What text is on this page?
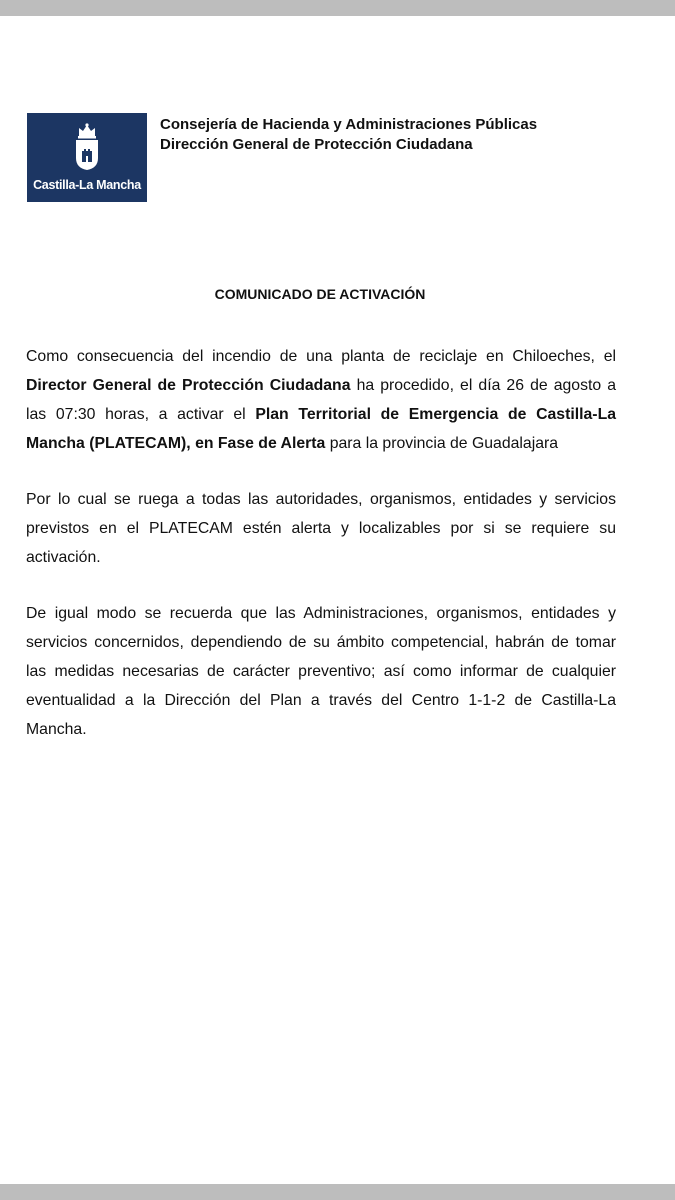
Castilla-La Mancha
Consejería de Hacienda y Administraciones Públicas
Dirección General de Protección Ciudadana
COMUNICADO DE ACTIVACIÓN
Como consecuencia del incendio de una planta de reciclaje en Chiloeches, el Director General de Protección Ciudadana ha procedido, el día 26 de agosto a las 07:30 horas, a activar el Plan Territorial de Emergencia de Castilla-La Mancha (PLATECAM), en Fase de Alerta para la provincia de Guadalajara
Por lo cual se ruega a todas las autoridades, organismos, entidades y servicios previstos en el PLATECAM estén alerta y localizables por si se requiere su activación.
De igual modo se recuerda que las Administraciones, organismos, entidades y servicios concernidos, dependiendo de su ámbito competencial, habrán de tomar las medidas necesarias de carácter preventivo; así como informar de cualquier eventualidad a la Dirección del Plan a través del Centro 1-1-2 de Castilla-La Mancha.
